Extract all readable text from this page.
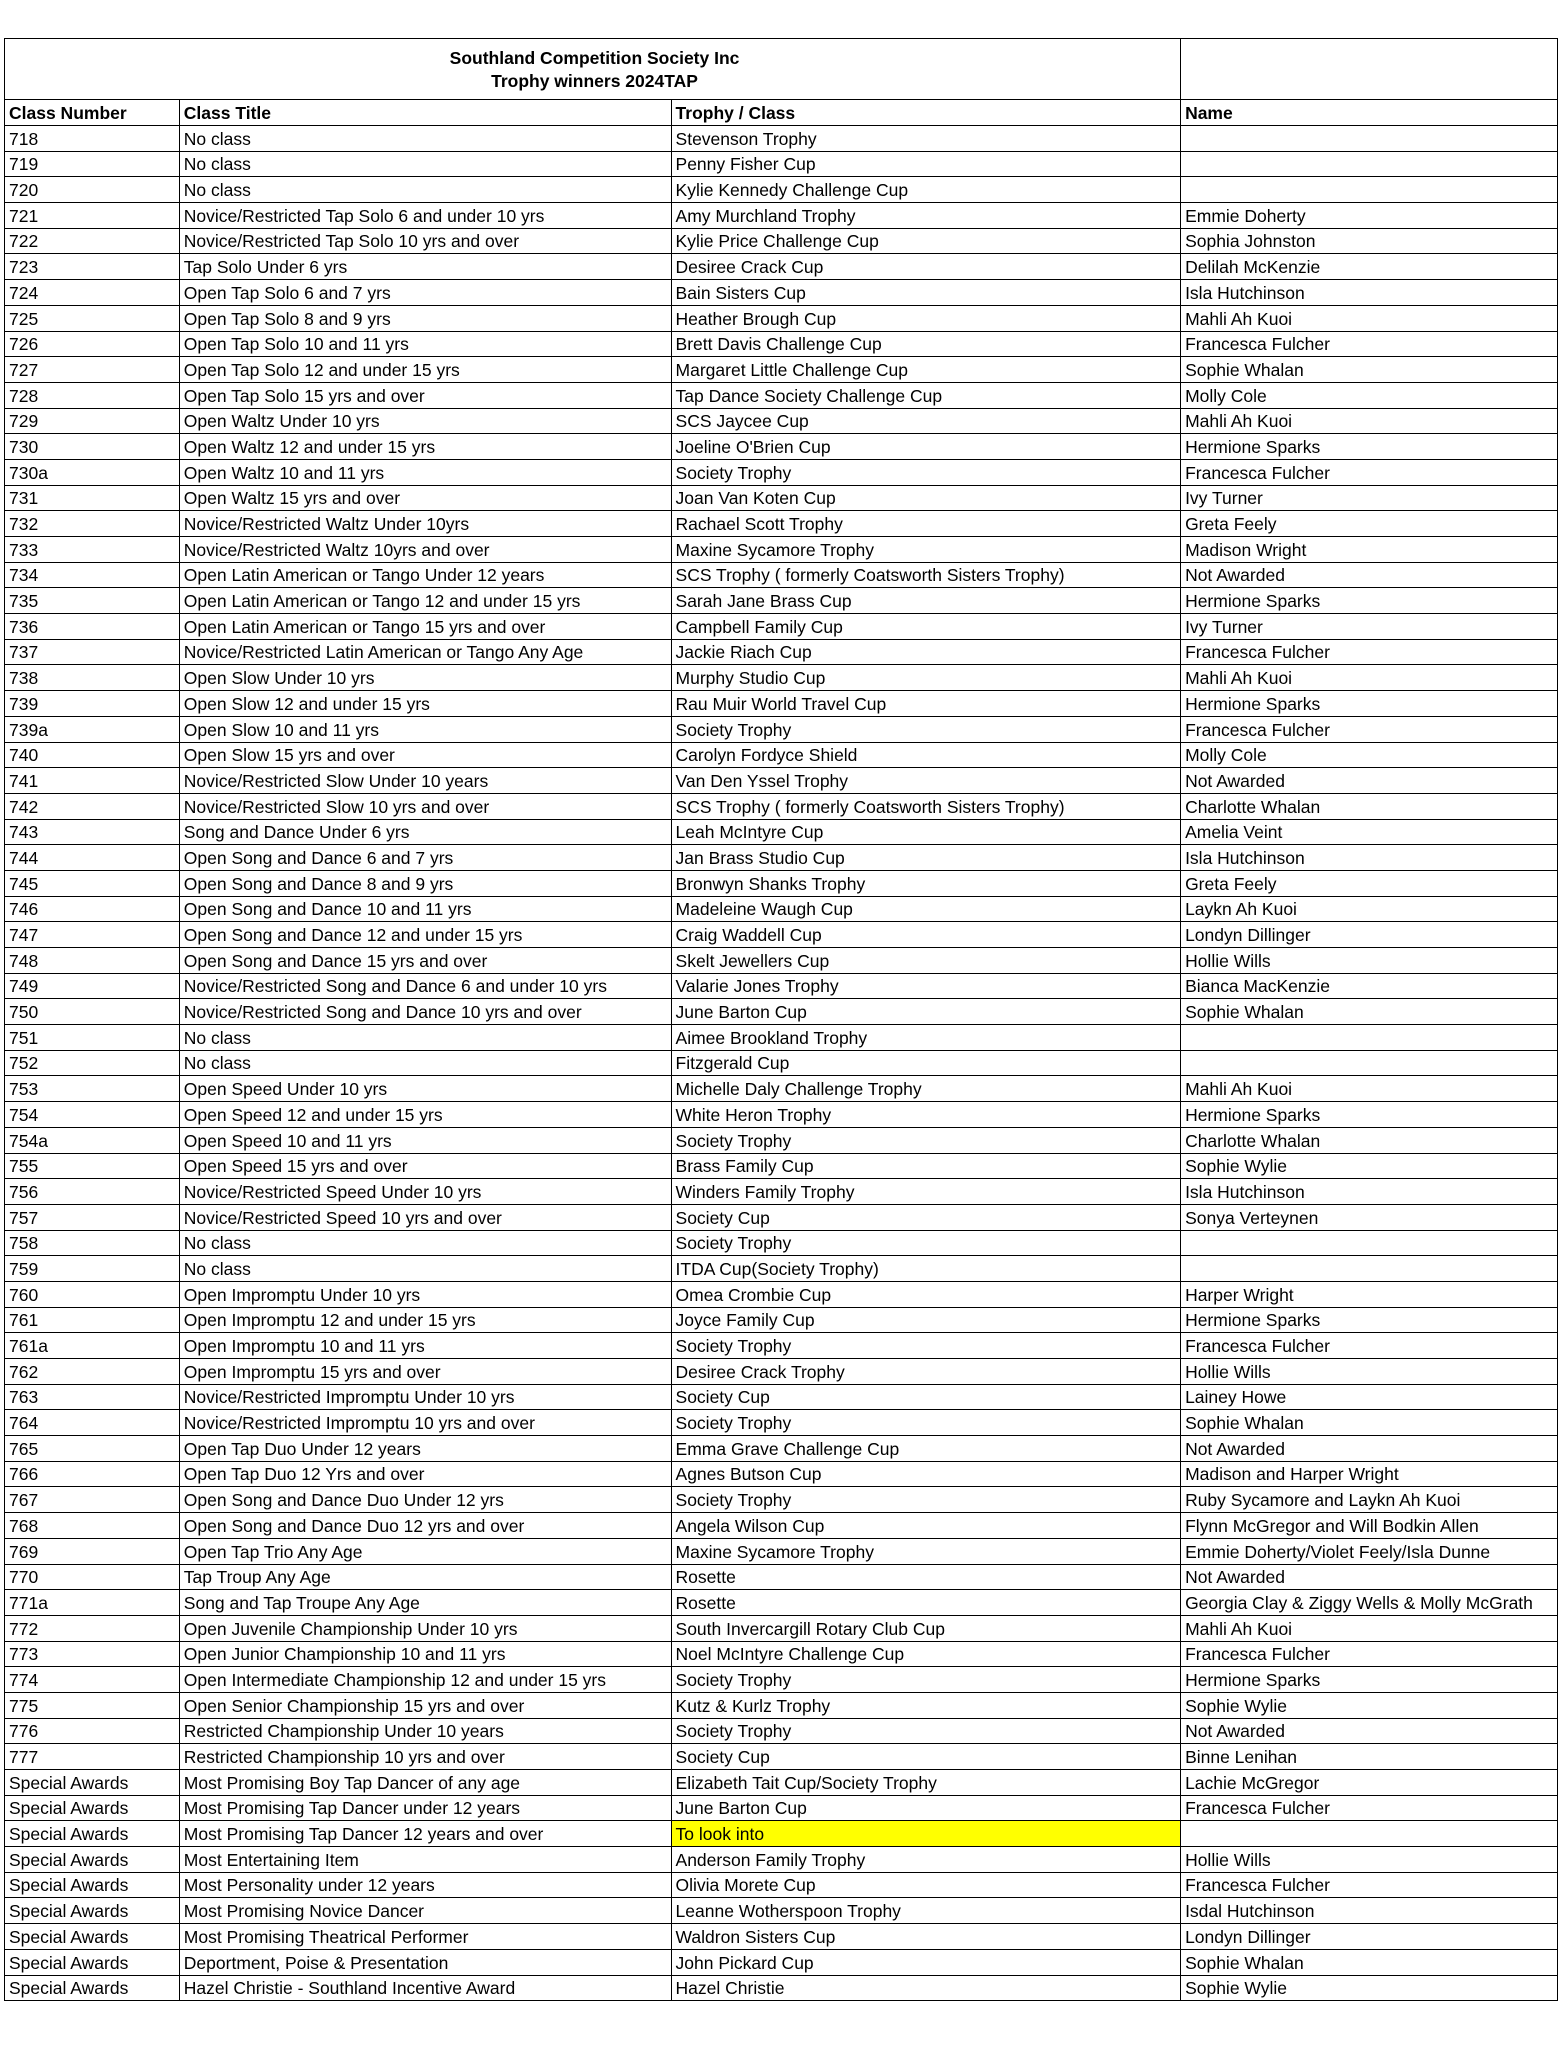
Southland Competition Society Inc
Trophy winners 2024TAP			

Class Number	Class Title	Trophy / Class	Name
718	No class	Stevenson Trophy	
719	No class	Penny Fisher Cup	
720	No class	Kylie Kennedy Challenge Cup	
721	Novice/Restricted Tap Solo 6 and under 10 yrs	Amy Murchland Trophy	Emmie Doherty
722	Novice/Restricted Tap Solo 10 yrs and over	Kylie Price Challenge Cup	Sophia Johnston
723	Tap Solo Under 6 yrs	Desiree Crack Cup	Delilah McKenzie
724	Open Tap Solo 6 and 7 yrs	Bain Sisters Cup	Isla Hutchinson
725	Open Tap Solo 8 and 9 yrs	Heather Brough Cup	Mahli Ah Kuoi
726	Open Tap Solo 10 and 11 yrs	Brett Davis Challenge Cup	Francesca Fulcher
727	Open Tap Solo 12 and under 15 yrs	Margaret Little Challenge Cup	Sophie Whalan
728	Open Tap Solo 15 yrs and over	Tap Dance Society Challenge Cup	Molly Cole
729	Open Waltz Under 10 yrs	SCS Jaycee Cup	Mahli Ah Kuoi
730	Open Waltz 12 and under 15 yrs	Joeline O'Brien Cup	Hermione Sparks
730a	Open Waltz 10 and 11 yrs	Society Trophy	Francesca Fulcher
731	Open Waltz 15 yrs and over	Joan Van Koten Cup	Ivy Turner
732	Novice/Restricted Waltz Under 10yrs	Rachael Scott Trophy	Greta Feely
733	Novice/Restricted Waltz 10yrs and over	Maxine Sycamore Trophy	Madison Wright
734	Open Latin American or Tango Under 12 years	SCS Trophy ( formerly Coatsworth Sisters Trophy)	Not Awarded
735	Open Latin American or Tango 12 and under 15 yrs	Sarah Jane Brass Cup	Hermione Sparks
736	Open Latin American or Tango 15 yrs and over	Campbell Family Cup	Ivy Turner
737	Novice/Restricted Latin American or Tango Any Age	Jackie Riach Cup	Francesca Fulcher
738	Open Slow Under 10 yrs	Murphy Studio Cup	Mahli Ah Kuoi
739	Open Slow 12 and under 15 yrs	Rau Muir World Travel Cup	Hermione Sparks
739a	Open Slow 10 and 11 yrs	Society Trophy	Francesca Fulcher
740	Open Slow 15 yrs and over	Carolyn Fordyce Shield	Molly Cole
741	Novice/Restricted Slow Under 10 years	Van Den Yssel Trophy	Not Awarded
742	Novice/Restricted Slow 10 yrs and over	SCS Trophy ( formerly Coatsworth Sisters Trophy)	Charlotte Whalan
743	Song and Dance Under 6 yrs	Leah McIntyre Cup	Amelia Veint
744	Open Song and Dance 6 and 7 yrs	Jan Brass Studio Cup	Isla Hutchinson
745	Open Song and Dance 8 and 9 yrs	Bronwyn Shanks Trophy	Greta Feely
746	Open Song and Dance 10 and 11 yrs	Madeleine Waugh Cup	Laykn Ah Kuoi
747	Open Song and Dance 12 and under 15 yrs	Craig Waddell Cup	Londyn Dillinger
748	Open Song and Dance 15 yrs and over	Skelt Jewellers Cup	Hollie Wills
749	Novice/Restricted Song and Dance 6 and under 10 yrs	Valarie Jones Trophy	Bianca MacKenzie
750	Novice/Restricted Song and Dance 10 yrs and over	June Barton Cup	Sophie Whalan
751	No class	Aimee Brookland Trophy	
752	No class	Fitzgerald Cup	
753	Open Speed Under 10 yrs	Michelle Daly Challenge Trophy	Mahli Ah Kuoi
754	Open Speed 12 and under 15 yrs	White Heron Trophy	Hermione Sparks
754a	Open Speed 10 and 11 yrs	Society Trophy	Charlotte Whalan
755	Open Speed 15 yrs and over	Brass Family Cup	Sophie Wylie
756	Novice/Restricted Speed Under 10 yrs	Winders Family Trophy	Isla Hutchinson
757	Novice/Restricted Speed 10 yrs and over	Society Cup	Sonya Verteynen
758	No class	Society Trophy	
759	No class	ITDA Cup(Society Trophy)	
760	Open Impromptu Under 10 yrs	Omea Crombie Cup	Harper Wright
761	Open Impromptu 12 and under 15 yrs	Joyce Family Cup	Hermione Sparks
761a	Open Impromptu 10 and 11 yrs	Society Trophy	Francesca Fulcher
762	Open Impromptu 15 yrs and over	Desiree Crack Trophy	Hollie Wills
763	Novice/Restricted Impromptu Under 10 yrs	Society Cup	Lainey Howe
764	Novice/Restricted Impromptu 10 yrs and over	Society Trophy	Sophie Whalan
765	Open Tap Duo Under 12 years	Emma Grave Challenge Cup	Not Awarded
766	Open Tap Duo 12 Yrs and over	Agnes Butson Cup	Madison and Harper Wright
767	Open Song and Dance Duo Under 12 yrs	Society Trophy	Ruby Sycamore and Laykn Ah Kuoi
768	Open Song and Dance Duo 12 yrs and over	Angela Wilson Cup	Flynn McGregor and Will Bodkin Allen
769	Open Tap Trio Any Age	Maxine Sycamore Trophy	Emmie Doherty/Violet Feely/Isla Dunne
770	Tap Troup Any Age	Rosette	Not Awarded
771a	Song and Tap Troupe Any Age	Rosette	Georgia Clay & Ziggy Wells & Molly McGrath
772	Open Juvenile Championship Under 10 yrs	South Invercargill Rotary Club Cup	Mahli Ah Kuoi
773	Open Junior Championship 10 and 11 yrs	Noel McIntyre Challenge Cup	Francesca Fulcher
774	Open Intermediate Championship 12 and under 15 yrs	Society Trophy	Hermione Sparks
775	Open Senior Championship 15 yrs and over	Kutz & Kurlz Trophy	Sophie Wylie
776	Restricted Championship Under 10 years	Society Trophy	Not Awarded
777	Restricted Championship 10 yrs and over	Society Cup	Binne Lenihan
Special Awards	Most Promising Boy Tap Dancer of any age	Elizabeth Tait Cup/Society Trophy	Lachie McGregor
Special Awards	Most Promising Tap Dancer under 12 years	June Barton Cup	Francesca Fulcher
Special Awards	Most Promising Tap Dancer 12 years and over	To look into	
Special Awards	Most Entertaining Item	Anderson Family Trophy	Hollie Wills
Special Awards	Most Personality under 12 years	Olivia Morete Cup	Francesca Fulcher
Special Awards	Most Promising Novice Dancer	Leanne Wotherspoon Trophy	Isdal Hutchinson
Special Awards	Most Promising Theatrical Performer	Waldron Sisters Cup	Londyn Dillinger
Special Awards	Deportment, Poise & Presentation	John Pickard Cup	Sophie Whalan
Special Awards	Hazel Christie - Southland Incentive Award	Hazel Christie	Sophie Wylie
